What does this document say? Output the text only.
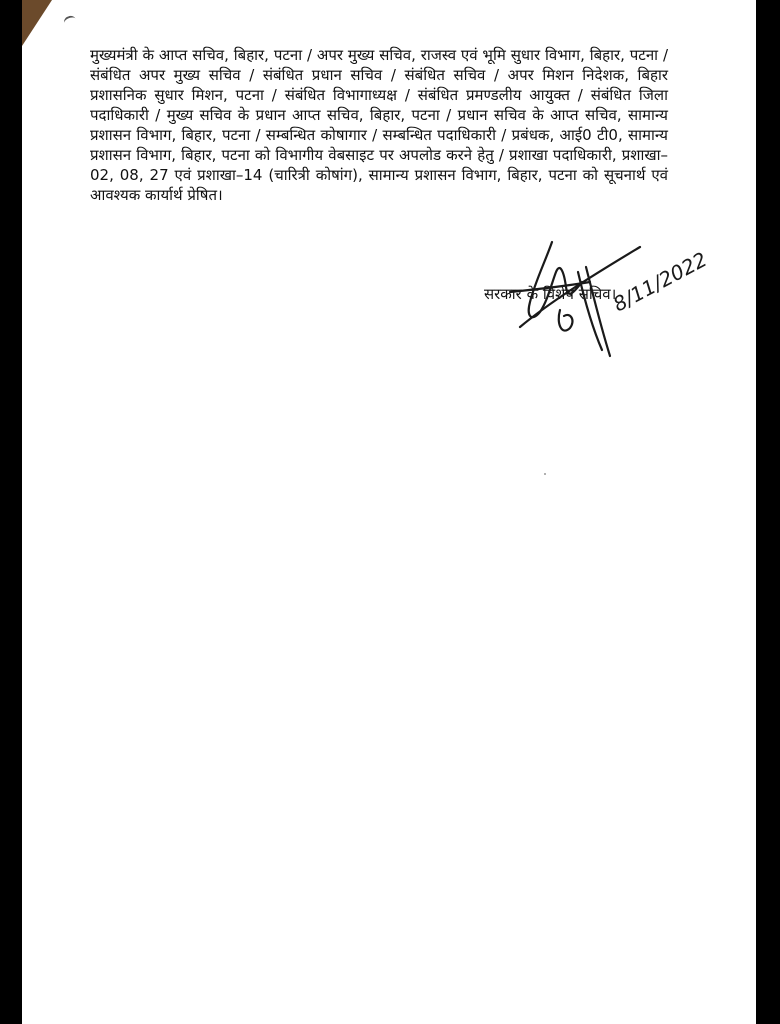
मुख्यमंत्री के आप्त सचिव, बिहार, पटना / अपर मुख्य सचिव, राजस्व एवं भूमि सुधार विभाग, बिहार, पटना / संबंधित अपर मुख्य सचिव / संबंधित प्रधान सचिव / संबंधित सचिव / अपर मिशन निदेशक, बिहार प्रशासनिक सुधार मिशन, पटना / संबंधित विभागाध्यक्ष / संबंधित प्रमण्डलीय आयुक्त / संबंधित जिला पदाधिकारी / मुख्य सचिव के प्रधान आप्त सचिव, बिहार, पटना / प्रधान सचिव के आप्त सचिव, सामान्य प्रशासन विभाग, बिहार, पटना / सम्बन्धित कोषागार / सम्बन्धित पदाधिकारी / प्रबंधक, आई0 टी0, सामान्य प्रशासन विभाग, बिहार, पटना को विभागीय वेबसाइट पर अपलोड करने हेतु / प्रशाखा पदाधिकारी, प्रशाखा–02, 08, 27 एवं प्रशाखा–14 (चारित्री कोषांग), सामान्य प्रशासन विभाग, बिहार, पटना को सूचनार्थ एवं आवश्यक कार्यार्थ प्रेषित।

सरकार के विशेष सचिव।
8/11/2022
